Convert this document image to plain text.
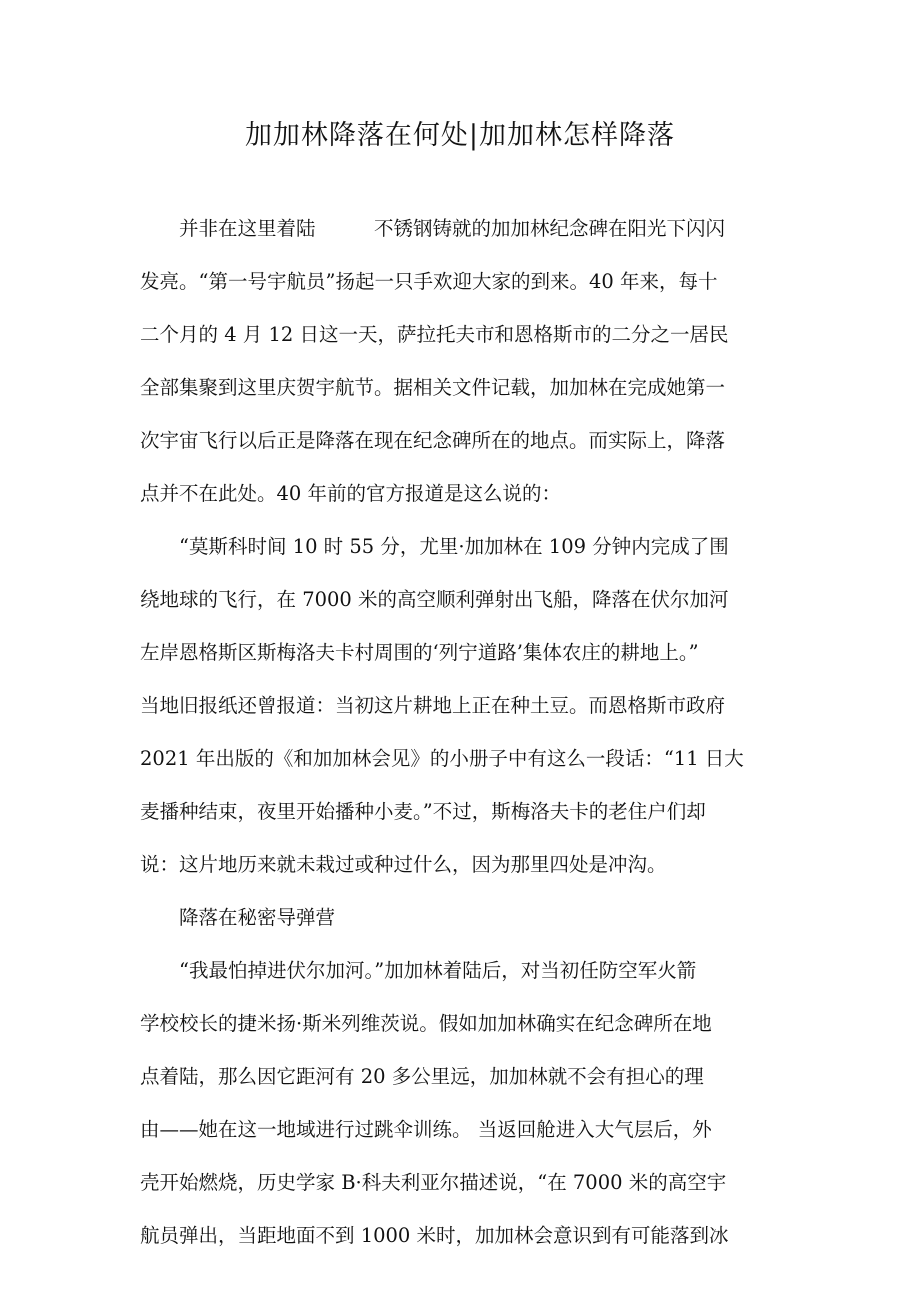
加加林降落在何处|加加林怎样降落
　　并非在这里着陆　　　不锈钢铸就的加加林纪念碑在阳光下闪闪
发亮。“第一号宇航员”扬起一只手欢迎大家的到来。40 年来，每十
二个月的 4 月 12 日这一天，萨拉托夫市和恩格斯市的二分之一居民
全部集聚到这里庆贺宇航节。据相关文件记载，加加林在完成她第一
次宇宙飞行以后正是降落在现在纪念碑所在的地点。而实际上，降落
点并不在此处。40 年前的官方报道是这么说的：
　　“莫斯科时间 10 时 55 分，尤里·加加林在 109 分钟内完成了围
绕地球的飞行，在 7000 米的高空顺利弹射出飞船，降落在伏尔加河
左岸恩格斯区斯梅洛夫卡村周围的‘列宁道路’集体农庄的耕地上。”
当地旧报纸还曾报道：当初这片耕地上正在种土豆。而恩格斯市政府
2021 年出版的《和加加林会见》的小册子中有这么一段话：“11 日大
麦播种结束，夜里开始播种小麦。”不过，斯梅洛夫卡的老住户们却
说：这片地历来就未栽过或种过什么，因为那里四处是冲沟。
　　降落在秘密导弹营
　　“我最怕掉进伏尔加河。”加加林着陆后，对当初任防空军火箭
学校校长的捷米扬·斯米列维茨说。假如加加林确实在纪念碑所在地
点着陆，那么因它距河有 20 多公里远，加加林就不会有担心的理
由——她在这一地域进行过跳伞训练。 当返回舱进入大气层后，外
壳开始燃烧，历史学家 B·科夫利亚尔描述说，“在 7000 米的高空宇
航员弹出，当距地面不到 1000 米时，加加林会意识到有可能落到冰
